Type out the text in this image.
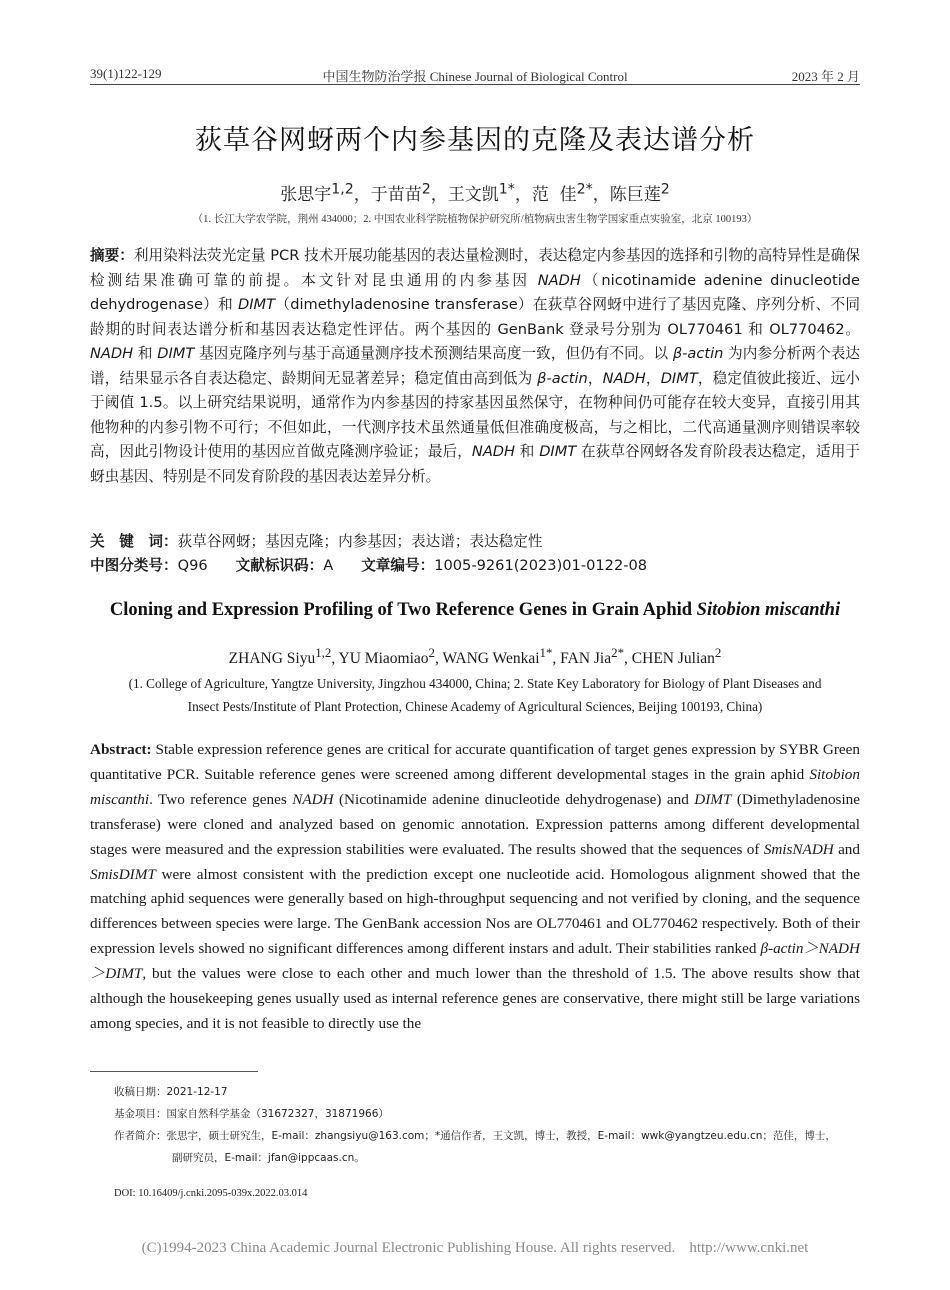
39(1)122-129	中国生物防治学报 Chinese Journal of Biological Control	2023 年 2 月
荻草谷网蚜两个内参基因的克隆及表达谱分析
张思宇$^{1,2}$，于苗苗$^2$，王文凯$^{1*}$，范  佳$^{2*}$，陈巨莲$^2$
（1. 长江大学农学院，荆州 434000；2. 中国农业科学院植物保护研究所/植物病虫害生物学国家重点实验室，北京 100193）
摘要：利用染料法荧光定量 PCR 技术开展功能基因的表达量检测时，表达稳定内参基因的选择和引物的高特异性是确保检测结果准确可靠的前提。本文针对昆虫通用的内参基因 NADH（nicotinamide adenine dinucleotide dehydrogenase）和 DIMT（dimethyladenosine transferase）在荻草谷网蚜中进行了基因克隆、序列分析、不同龄期的时间表达谱分析和基因表达稳定性评估。两个基因的 GenBank 登录号分别为 OL770461 和 OL770462。NADH 和 DIMT 基因克隆序列与基于高通量测序技术预测结果高度一致，但仍有不同。以 β-actin 为内参分析两个表达谱，结果显示各自表达稳定、龄期间无显著差异；稳定值由高到低为 β-actin，NADH，DIMT，稳定值彼此接近、远小于阈值 1.5。以上研究结果说明，通常作为内参基因的持家基因虽然保守，在物种间仍可能存在较大变异，直接引用其他物种的内参引物不可行；不但如此，一代测序技术虽然通量低但准确度极高，与之相比，二代高通量测序则错误率较高，因此引物设计使用的基因应首做克隆测序验证；最后，NADH 和 DIMT 在荻草谷网蚜各发育阶段表达稳定，适用于蚜虫基因、特别是不同发育阶段的基因表达差异分析。
关　键　词：荻草谷网蚜；基因克隆；内参基因；表达谱；表达稳定性
中图分类号：Q96 文献标识码：A 文章编号：1005-9261(2023)01-0122-08
Cloning and Expression Profiling of Two Reference Genes in Grain Aphid Sitobion miscanthi
ZHANG Siyu$^{1,2}$, YU Miaomiao$^2$, WANG Wenkai$^{1*}$, FAN Jia$^{2*}$, CHEN Julian$^2$
(1. College of Agriculture, Yangtze University, Jingzhou 434000, China; 2. State Key Laboratory for Biology of Plant Diseases and
Insect Pests/Institute of Plant Protection, Chinese Academy of Agricultural Sciences, Beijing 100193, China)
Abstract: Stable expression reference genes are critical for accurate quantification of target genes expression by SYBR Green quantitative PCR. Suitable reference genes were screened among different developmental stages in the grain aphid Sitobion miscanthi. Two reference genes NADH (Nicotinamide adenine dinucleotide dehydrogenase) and DIMT (Dimethyladenosine transferase) were cloned and analyzed based on genomic annotation. Expression patterns among different developmental stages were measured and the expression stabilities were evaluated. The results showed that the sequences of SmisNADH and SmisDIMT were almost consistent with the prediction except one nucleotide acid. Homologous alignment showed that the matching aphid sequences were generally based on high-throughput sequencing and not verified by cloning, and the sequence differences between species were large. The GenBank accession Nos are OL770461 and OL770462 respectively. Both of their expression levels showed no significant differences among different instars and adult. Their stabilities ranked β-actin＞NADH＞DIMT, but the values were close to each other and much lower than the threshold of 1.5. The above results show that although the housekeeping genes usually used as internal reference genes are conservative, there might still be large variations among species, and it is not feasible to directly use the
收稿日期：2021-12-17
基金项目：国家自然科学基金（31672327，31871966）
作者简介：张思宇，硕士研究生，E-mail：zhangsiyu@163.com；*通信作者，王文凯，博士，教授，E-mail：wwk@yangtzeu.edu.cn；范佳，博士，
副研究员，E-mail：jfan@ippcaas.cn。
DOI: 10.16409/j.cnki.2095-039x.2022.03.014
(C)1994-2023 China Academic Journal Electronic Publishing House. All rights reserved. http://www.cnki.net
